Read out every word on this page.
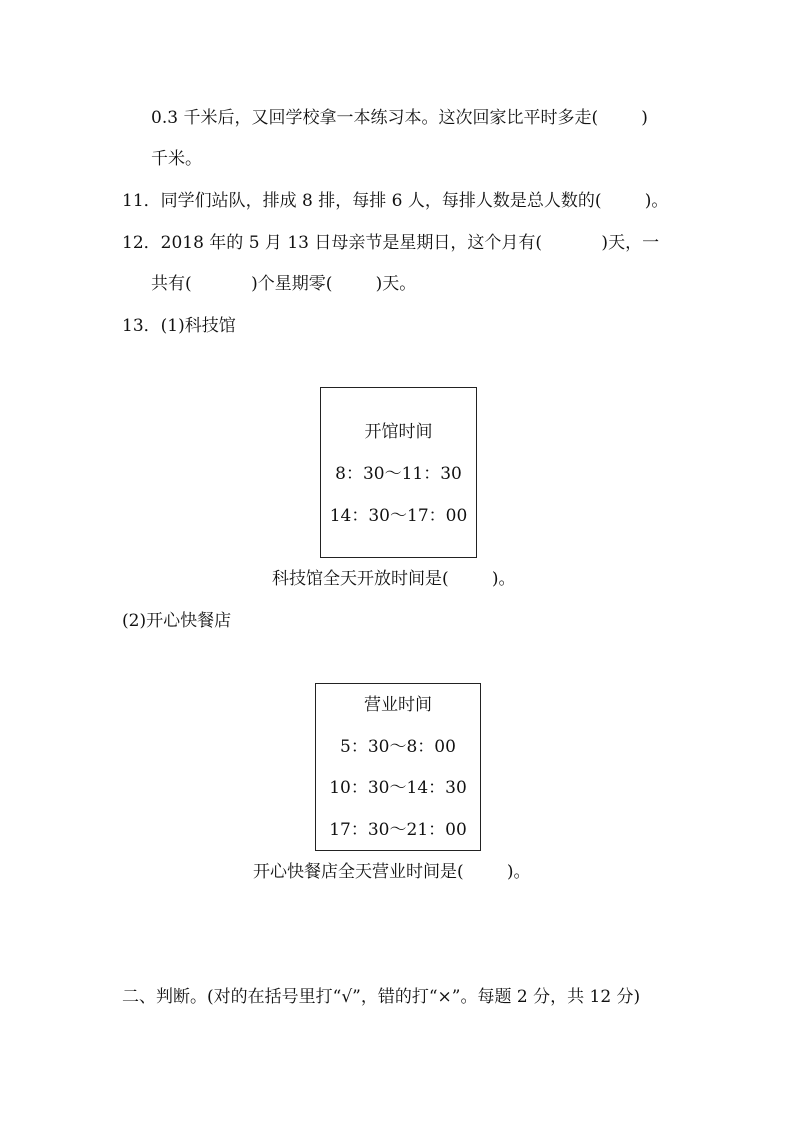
0.3 千米后，又回学校拿一本练习本。这次回家比平时多走(        )
千米。
11．同学们站队，排成 8 排，每排 6 人，每排人数是总人数的(        )。
12．2018 年的 5 月 13 日母亲节是星期日，这个月有(           )天，一
共有(           )个星期零(        )天。
13．(1)科技馆
开馆时间
8：30～11：30
14：30～17：00
科技馆全天开放时间是(        )。
(2)开心快餐店
营业时间
5：30～8：00
10：30～14：30
17：30～21：00
开心快餐店全天营业时间是(        )。
二、判断。(对的在括号里打“√”，错的打“×”。每题 2 分，共 12 分)
